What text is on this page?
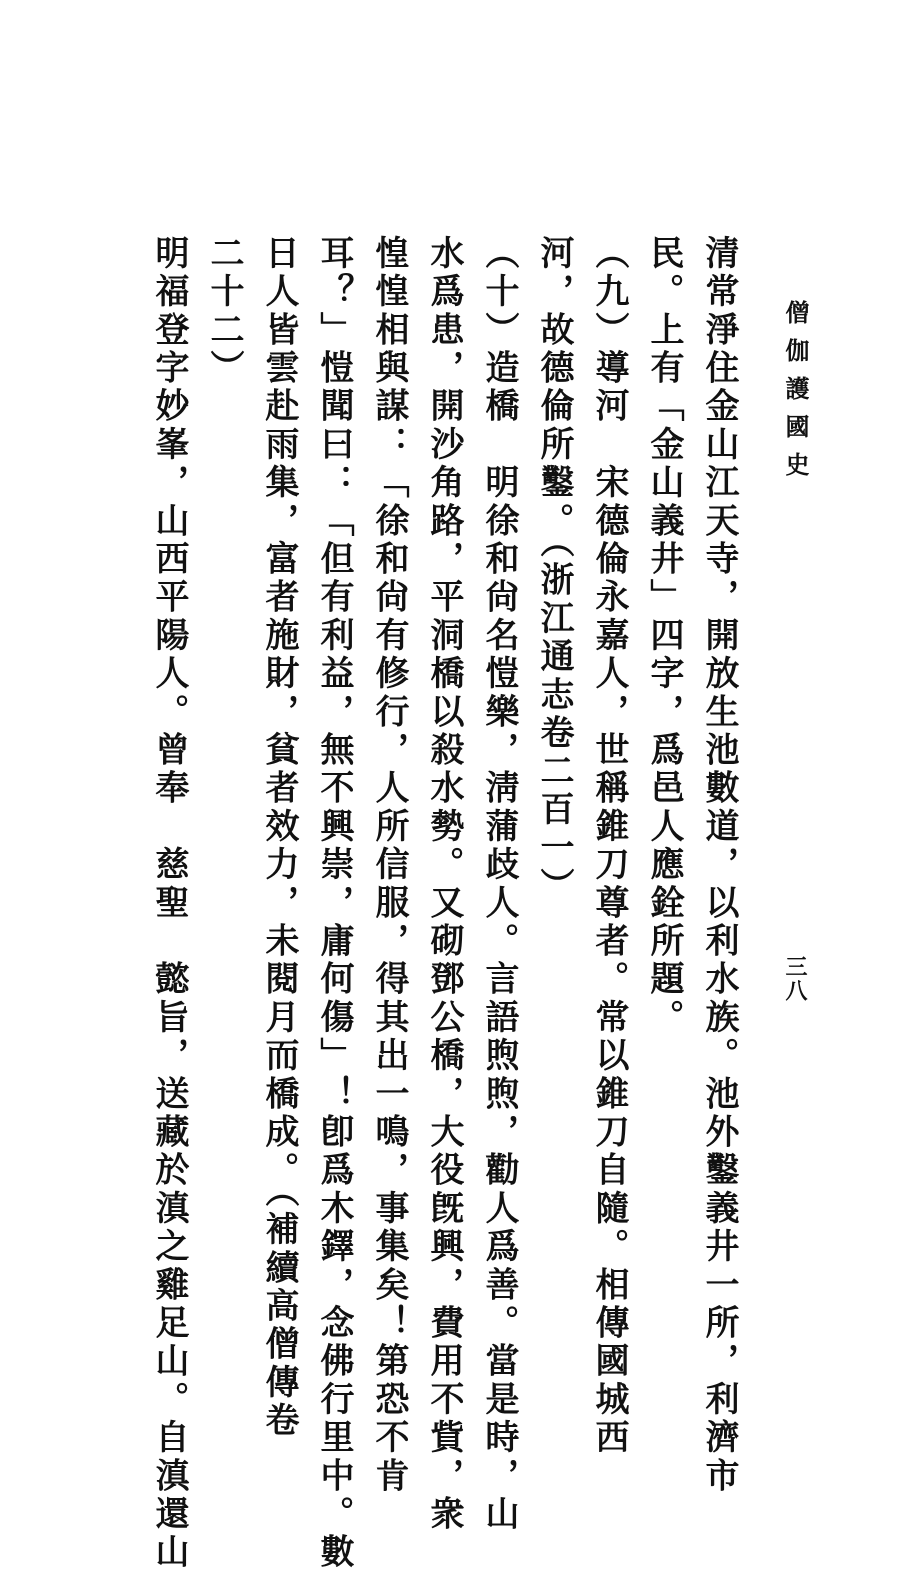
僧伽護國史
三八
清常淨住金山江天寺，開放生池數道，以利水族。池外鑿義井一所，利濟市
民。上有「金山義井」四字，爲邑人應銓所題。
（九）導河　宋德倫永嘉人，世稱錐刀尊者。常以錐刀自隨。相傳國城西
河，故德倫所鑿。（浙江通志卷二百一）
（十）造橋　明徐和尙名愷樂，淸蒲歧人。言語煦煦，勸人爲善。當是時，山
水爲患，開沙角路，平洞橋以殺水勢。又砌鄧公橋，大役旣興，費用不貲，衆
惶惶相與謀：「徐和尙有修行，人所信服，得其出一鳴，事集矣！第恐不肯
耳？」愷聞曰：「但有利益，無不興崇，庸何傷」！卽爲木鐸，念佛行里中。數
日人皆雲赴雨集，富者施財，貧者效力，未閱月而橋成。（補續高僧傳卷
二十二）
明福登字妙峯，山西平陽人。曾奉　慈聖　懿旨，送藏於滇之雞足山。自滇還山
